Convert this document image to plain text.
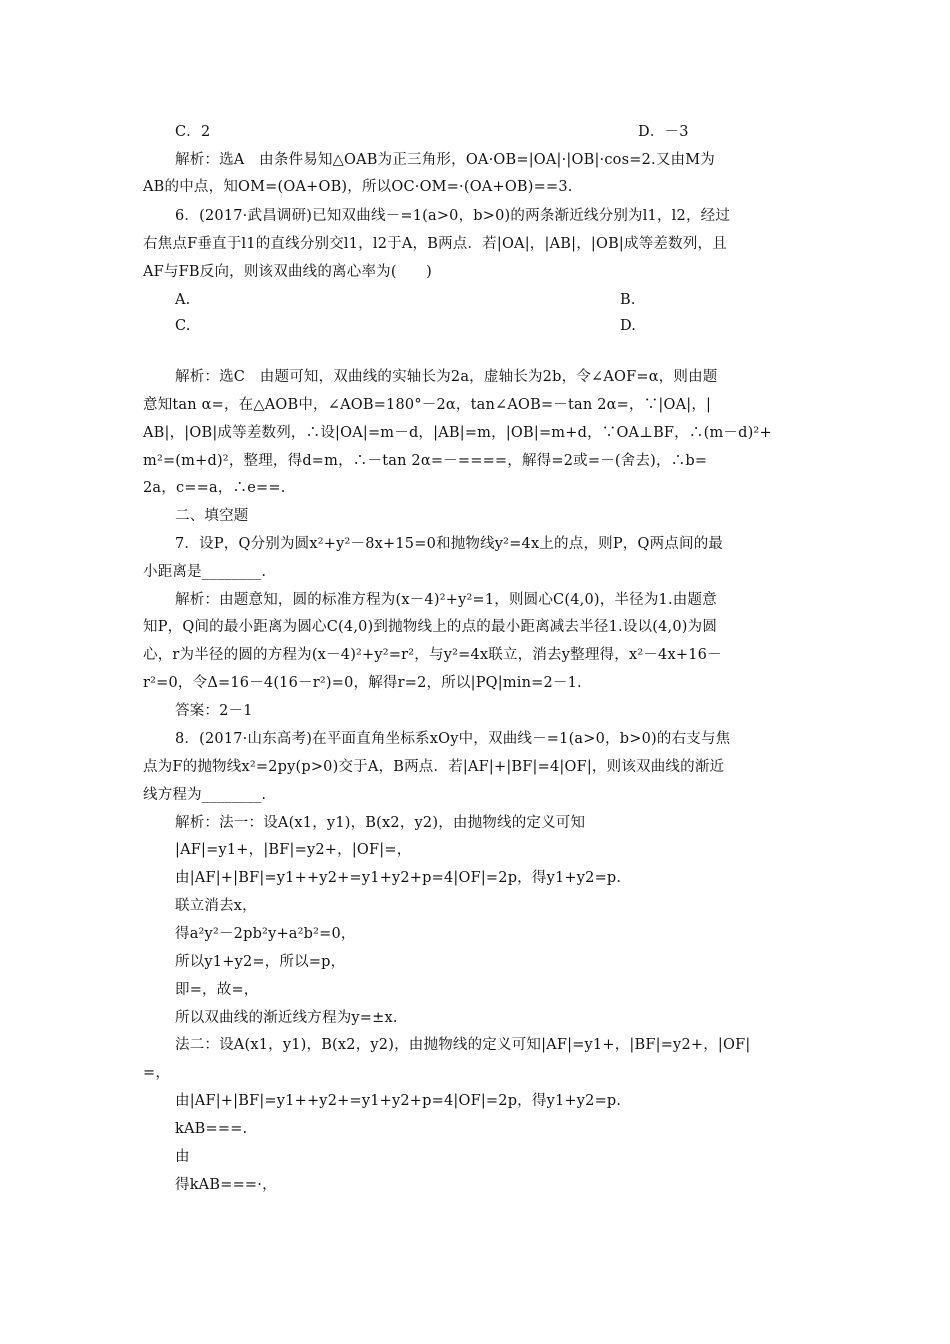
C．2	D．－3
解析：选A　由条件易知△OAB为正三角形，OA·OB=|OA|·|OB|·cos=2.又由M为
AB的中点，知OM=(OA+OB)，所以OC·OM=·(OA+OB)==3.
6．(2017·武昌调研)已知双曲线－=1(a>0，b>0)的两条渐近线分别为l1，l2，经过
右焦点F垂直于l1的直线分别交l1，l2于A，B两点．若|OA|，|AB|，|OB|成等差数列，且
AF与FB反向，则该双曲线的离心率为(　　)
A.	B.
C.	D.
解析：选C　由题可知，双曲线的实轴长为2a，虚轴长为2b，令∠AOF=α，则由题
意知tan α=，在△AOB中，∠AOB=180°－2α，tan∠AOB=－tan 2α=，∵|OA|，|
AB|，|OB|成等差数列，∴设|OA|=m－d，|AB|=m，|OB|=m+d，∵OA⊥BF，∴(m－d)²+
m²=(m+d)²，整理，得d=m，∴－tan 2α=－====，解得=2或=－(舍去)，∴b=
2a，c==a，∴e==.
二、填空题
7．设P，Q分别为圆x²+y²－8x+15=0和抛物线y²=4x上的点，则P，Q两点间的最
小距离是________.
解析：由题意知，圆的标准方程为(x－4)²+y²=1，则圆心C(4,0)，半径为1.由题意
知P，Q间的最小距离为圆心C(4,0)到抛物线上的点的最小距离减去半径1.设以(4,0)为圆
心，r为半径的圆的方程为(x－4)²+y²=r²，与y²=4x联立，消去y整理得，x²－4x+16－
r²=0，令Δ=16－4(16－r²)=0，解得r=2，所以|PQ|min=2－1.
答案：2－1
8．(2017·山东高考)在平面直角坐标系xOy中，双曲线－=1(a>0，b>0)的右支与焦
点为F的抛物线x²=2py(p>0)交于A，B两点．若|AF|+|BF|=4|OF|，则该双曲线的渐近
线方程为________.
解析：法一：设A(x1，y1)，B(x2，y2)，由抛物线的定义可知
|AF|=y1+，|BF|=y2+，|OF|=，
由|AF|+|BF|=y1++y2+=y1+y2+p=4|OF|=2p，得y1+y2=p.
联立消去x，
得a²y²－2pb²y+a²b²=0，
所以y1+y2=，所以=p，
即=，故=，
所以双曲线的渐近线方程为y=±x.
法二：设A(x1，y1)，B(x2，y2)，由抛物线的定义可知|AF|=y1+，|BF|=y2+，|OF|
=，
由|AF|+|BF|=y1++y2+=y1+y2+p=4|OF|=2p，得y1+y2=p.
kAB===.
由
得kAB===·，
